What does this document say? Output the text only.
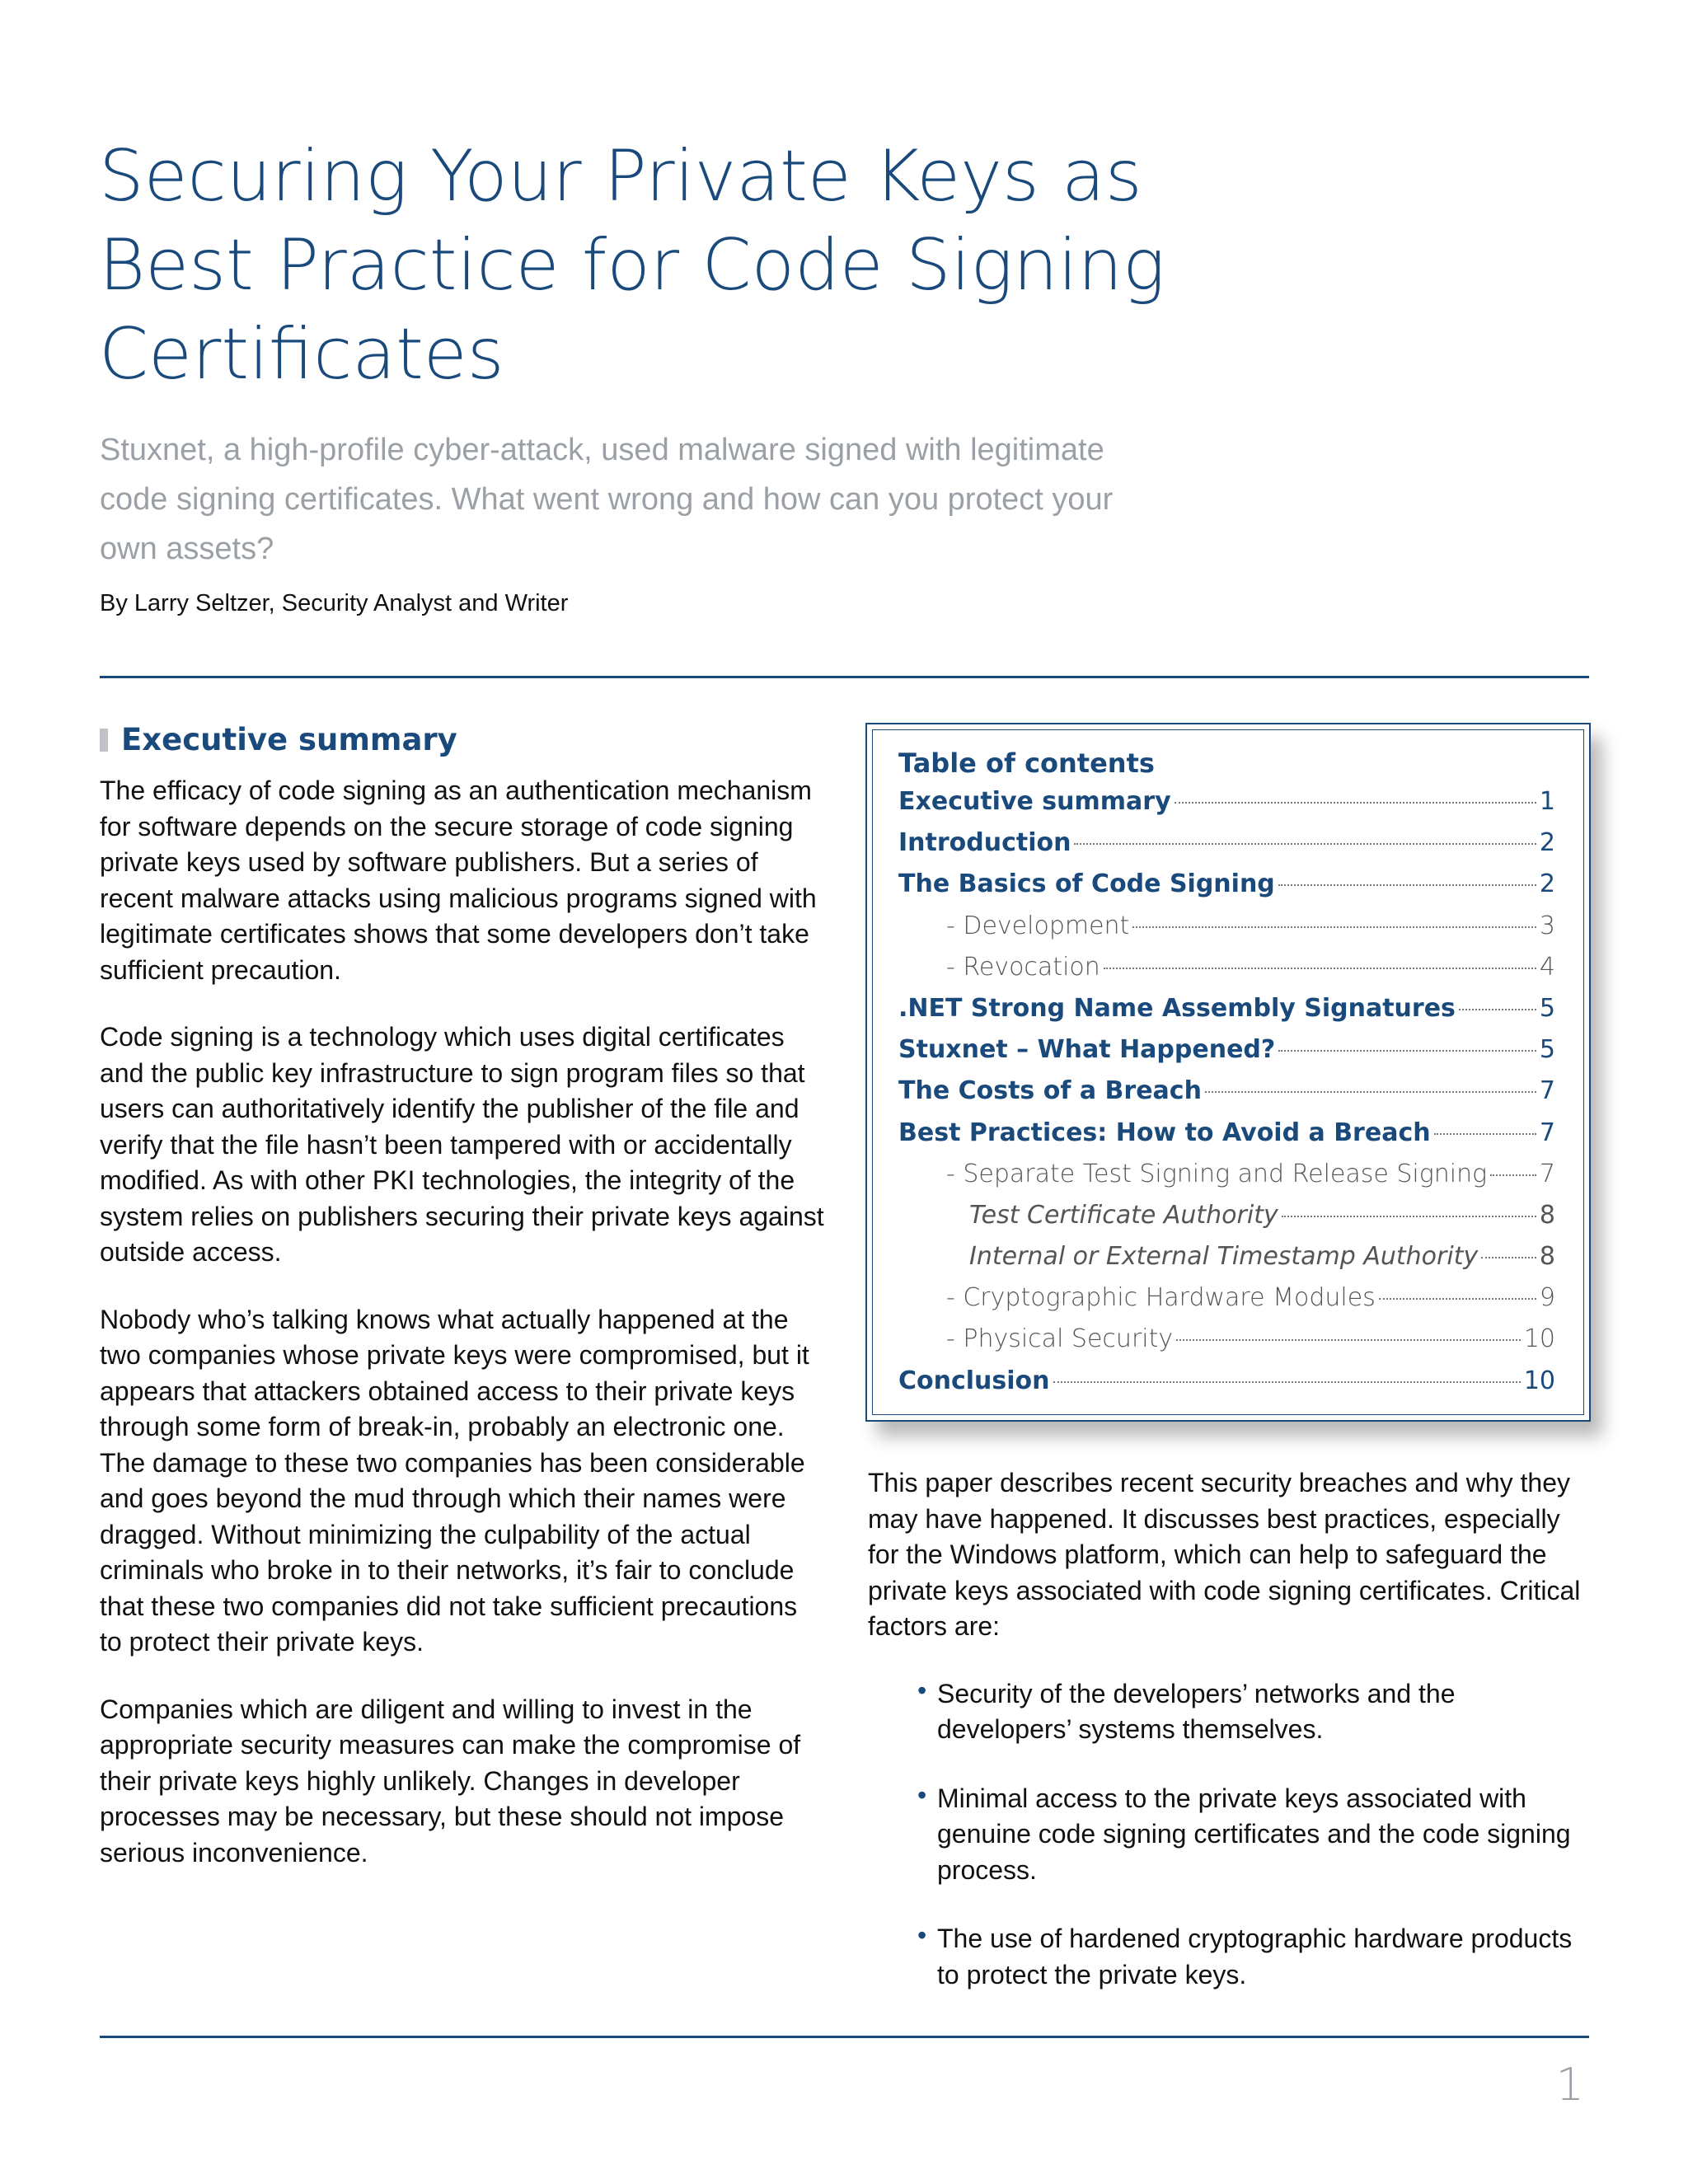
Securing Your Private Keys as
Best Practice for Code Signing
Certificates

Stuxnet, a high-profile cyber-attack, used malware signed with legitimate code signing certificates. What went wrong and how can you protect your own assets?

By Larry Seltzer, Security Analyst and Writer

Executive summary

The efficacy of code signing as an authentication mechanism for software depends on the secure storage of code signing private keys used by software publishers. But a series of recent malware attacks using malicious programs signed with legitimate certificates shows that some developers don’t take sufficient precaution.

Code signing is a technology which uses digital certificates and the public key infrastructure to sign program files so that users can authoritatively identify the publisher of the file and verify that the file hasn’t been tampered with or accidentally modified. As with other PKI technologies, the integrity of the system relies on publishers securing their private keys against outside access.

Nobody who’s talking knows what actually happened at the two companies whose private keys were compromised, but it appears that attackers obtained access to their private keys through some form of break-in, probably an electronic one. The damage to these two companies has been considerable and goes beyond the mud through which their names were dragged. Without minimizing the culpability of the actual criminals who broke in to their networks, it’s fair to conclude that these two companies did not take sufficient precautions to protect their private keys.

Companies which are diligent and willing to invest in the appropriate security measures can make the compromise of their private keys highly unlikely. Changes in developer processes may be necessary, but these should not impose serious inconvenience.

Table of contents
Executive summary	1
Introduction	2
The Basics of Code Signing	2
- Development	3
- Revocation	4
.NET Strong Name Assembly Signatures	5
Stuxnet – What Happened?	5
The Costs of a Breach	7
Best Practices: How to Avoid a Breach	7
- Separate Test Signing and Release Signing 7
Test Certificate Authority	8
Internal or External Timestamp Authority 8
- Cryptographic Hardware Modules	9
- Physical Security	10
Conclusion	10

This paper describes recent security breaches and why they may have happened. It discusses best practices, especially for the Windows platform, which can help to safeguard the private keys associated with code signing certificates. Critical factors are:

• Security of the developers’ networks and the developers’ systems themselves.
• Minimal access to the private keys associated with genuine code signing certificates and the code signing process.
• The use of hardened cryptographic hardware products to protect the private keys.
1
